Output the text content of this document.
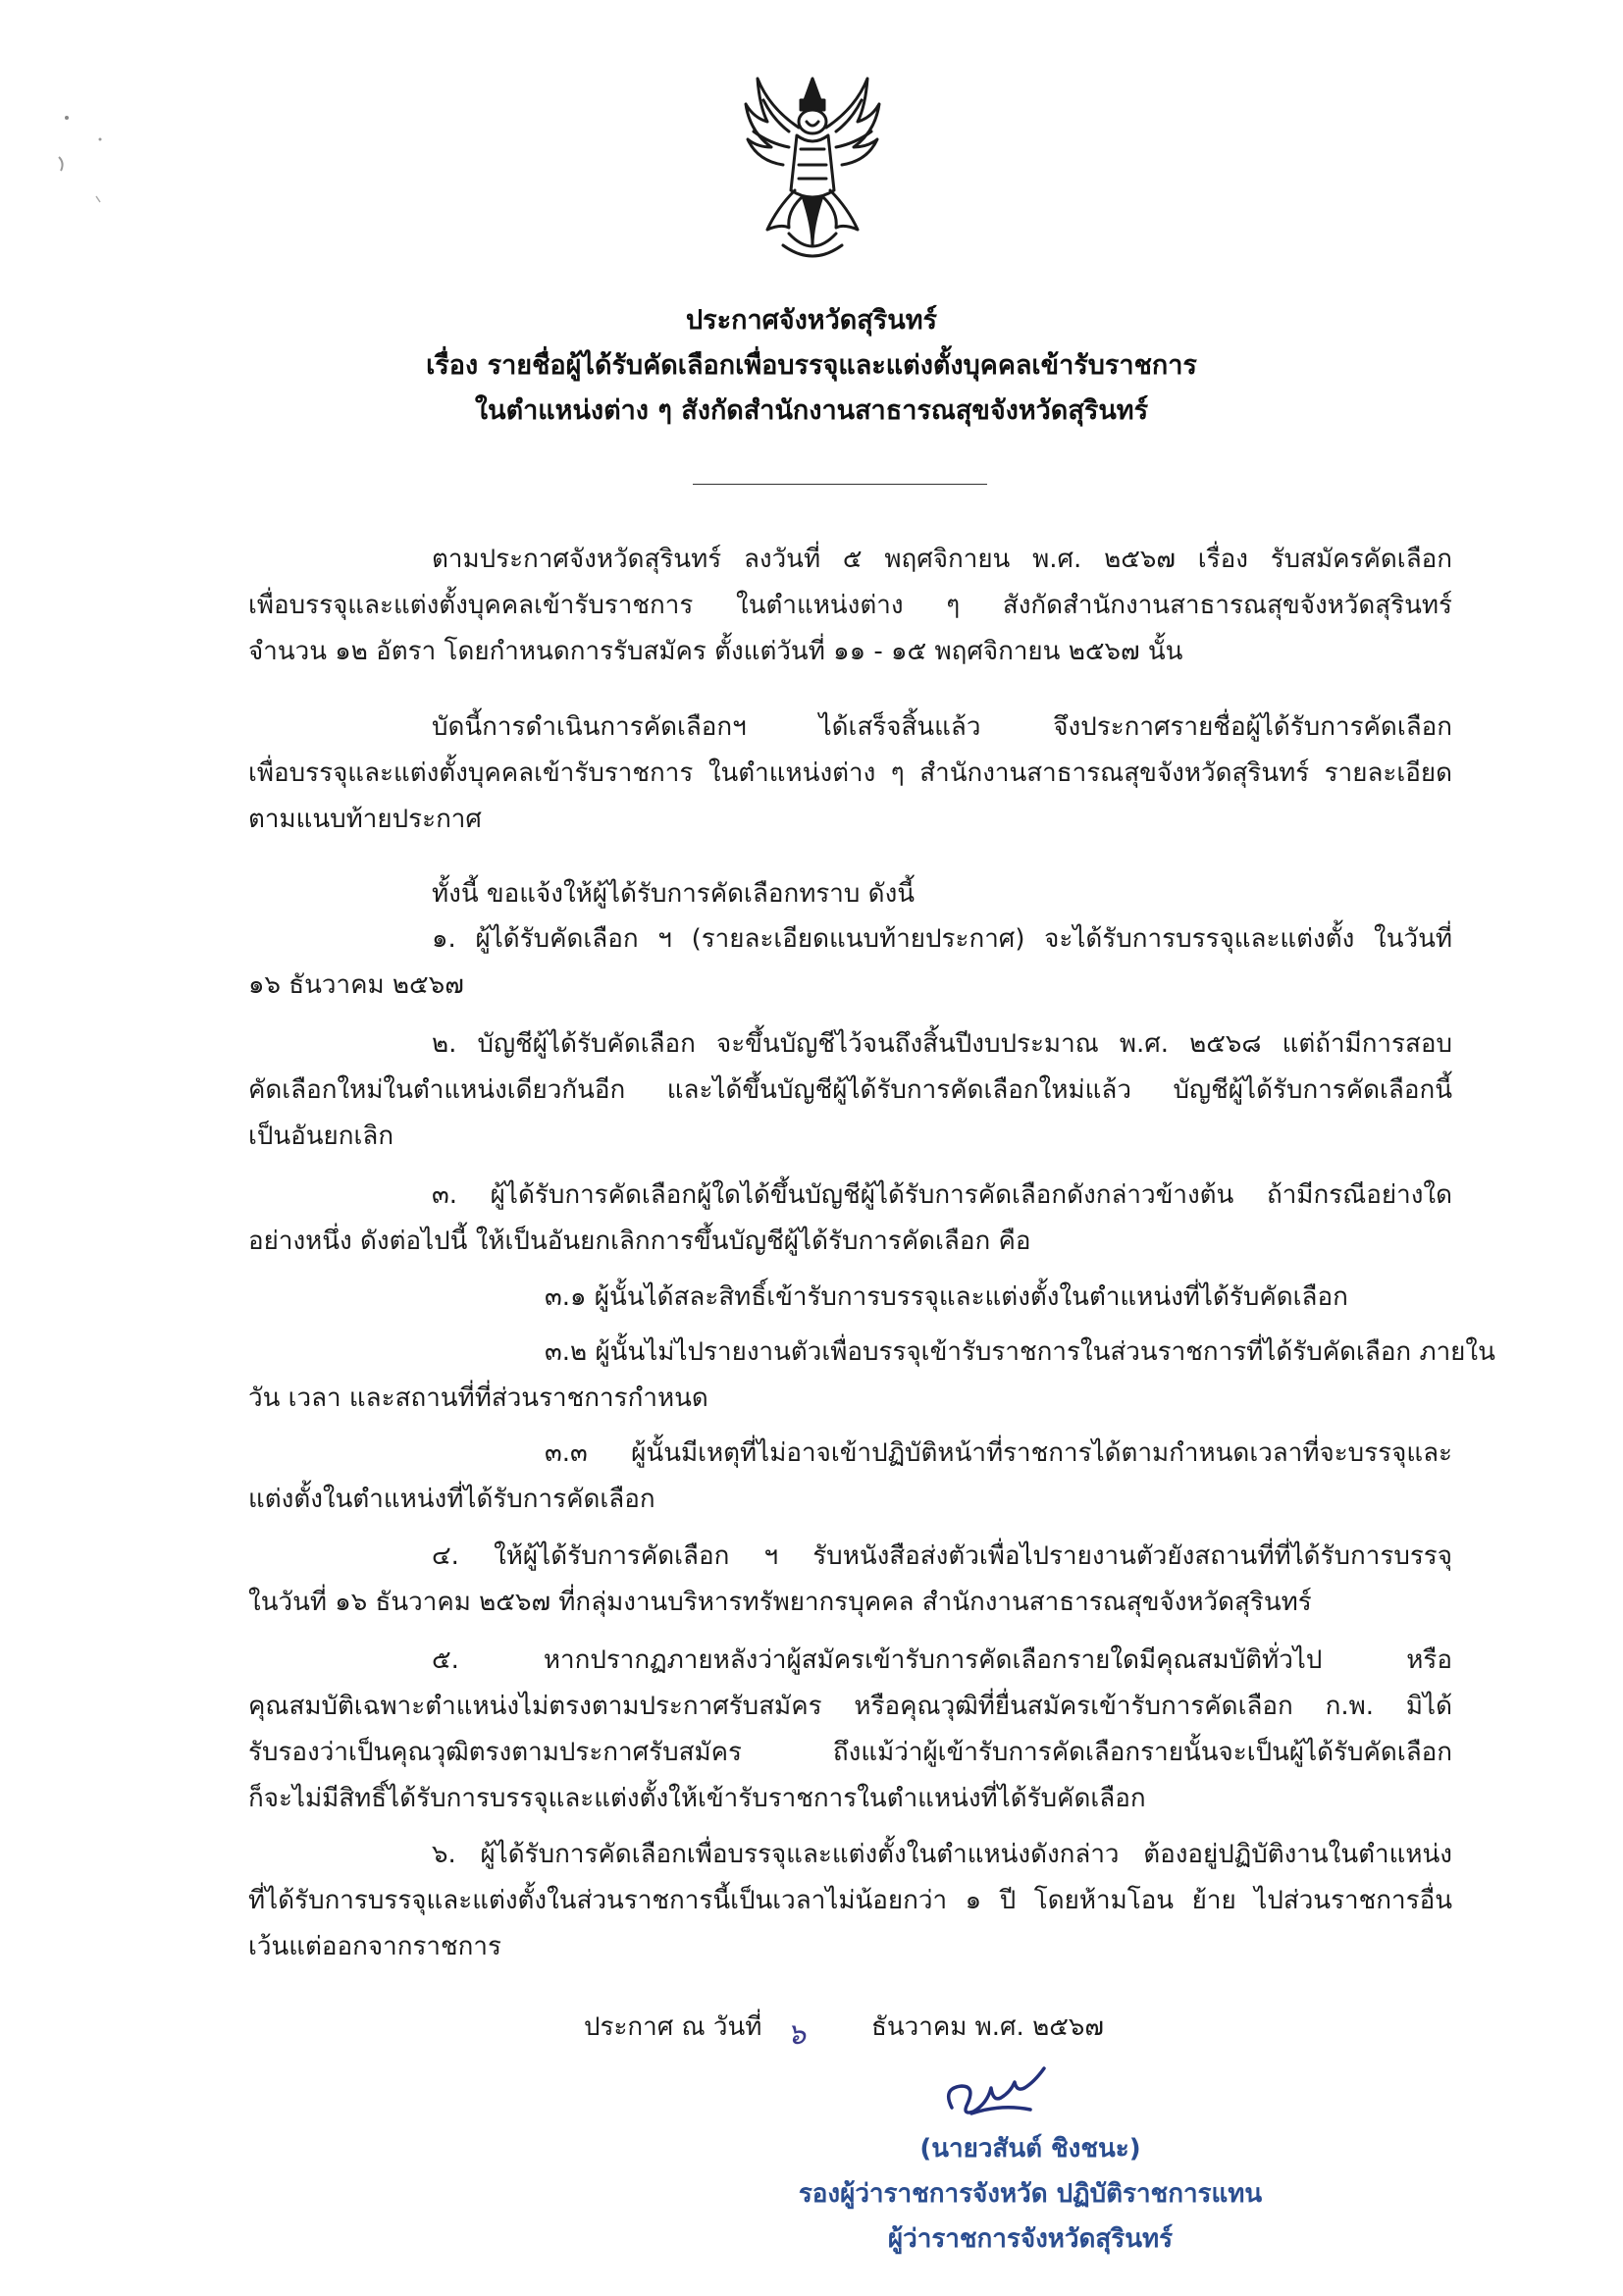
ประกาศจังหวัดสุรินทร์
เรื่อง รายชื่อผู้ได้รับคัดเลือกเพื่อบรรจุและแต่งตั้งบุคคลเข้ารับราชการ
ในตำแหน่งต่าง ๆ สังกัดสำนักงานสาธารณสุขจังหวัดสุรินทร์
ตามประกาศจังหวัดสุรินทร์ ลงวันที่ ๕ พฤศจิกายน พ.ศ. ๒๕๖๗ เรื่อง รับสมัครคัดเลือก
เพื่อบรรจุและแต่งตั้งบุคคลเข้ารับราชการ ในตำแหน่งต่าง ๆ สังกัดสำนักงานสาธารณสุขจังหวัดสุรินทร์
จำนวน ๑๒ อัตรา โดยกำหนดการรับสมัคร ตั้งแต่วันที่ ๑๑ - ๑๕ พฤศจิกายน ๒๕๖๗ นั้น
บัดนี้การดำเนินการคัดเลือกฯ ได้เสร็จสิ้นแล้ว จึงประกาศรายชื่อผู้ได้รับการคัดเลือก
เพื่อบรรจุและแต่งตั้งบุคคลเข้ารับราชการ ในตำแหน่งต่าง ๆ สำนักงานสาธารณสุขจังหวัดสุรินทร์ รายละเอียด
ตามแนบท้ายประกาศ
ทั้งนี้ ขอแจ้งให้ผู้ได้รับการคัดเลือกทราบ ดังนี้
๑. ผู้ได้รับคัดเลือก ฯ (รายละเอียดแนบท้ายประกาศ) จะได้รับการบรรจุและแต่งตั้ง ในวันที่
๑๖ ธันวาคม ๒๕๖๗
๒. บัญชีผู้ได้รับคัดเลือก จะขึ้นบัญชีไว้จนถึงสิ้นปีงบประมาณ พ.ศ. ๒๕๖๘ แต่ถ้ามีการสอบ
คัดเลือกใหม่ในตำแหน่งเดียวกันอีก และได้ขึ้นบัญชีผู้ได้รับการคัดเลือกใหม่แล้ว บัญชีผู้ได้รับการคัดเลือกนี้
เป็นอันยกเลิก
๓. ผู้ได้รับการคัดเลือกผู้ใดได้ขึ้นบัญชีผู้ได้รับการคัดเลือกดังกล่าวข้างต้น ถ้ามีกรณีอย่างใด
อย่างหนึ่ง ดังต่อไปนี้ ให้เป็นอันยกเลิกการขึ้นบัญชีผู้ได้รับการคัดเลือก คือ
๓.๑ ผู้นั้นได้สละสิทธิ์เข้ารับการบรรจุและแต่งตั้งในตำแหน่งที่ได้รับคัดเลือก
๓.๒ ผู้นั้นไม่ไปรายงานตัวเพื่อบรรจุเข้ารับราชการในส่วนราชการที่ได้รับคัดเลือก ภายใน
วัน เวลา และสถานที่ที่ส่วนราชการกำหนด
๓.๓ ผู้นั้นมีเหตุที่ไม่อาจเข้าปฏิบัติหน้าที่ราชการได้ตามกำหนดเวลาที่จะบรรจุและ
แต่งตั้งในตำแหน่งที่ได้รับการคัดเลือก
๔. ให้ผู้ได้รับการคัดเลือก ฯ รับหนังสือส่งตัวเพื่อไปรายงานตัวยังสถานที่ที่ได้รับการบรรจุ
ในวันที่ ๑๖ ธันวาคม ๒๕๖๗ ที่กลุ่มงานบริหารทรัพยากรบุคคล สำนักงานสาธารณสุขจังหวัดสุรินทร์
๕. หากปรากฏภายหลังว่าผู้สมัครเข้ารับการคัดเลือกรายใดมีคุณสมบัติทั่วไป หรือ
คุณสมบัติเฉพาะตำแหน่งไม่ตรงตามประกาศรับสมัคร หรือคุณวุฒิที่ยื่นสมัครเข้ารับการคัดเลือก ก.พ. มิได้
รับรองว่าเป็นคุณวุฒิตรงตามประกาศรับสมัคร ถึงแม้ว่าผู้เข้ารับการคัดเลือกรายนั้นจะเป็นผู้ได้รับคัดเลือก
ก็จะไม่มีสิทธิ์ได้รับการบรรจุและแต่งตั้งให้เข้ารับราชการในตำแหน่งที่ได้รับคัดเลือก
๖. ผู้ได้รับการคัดเลือกเพื่อบรรจุและแต่งตั้งในตำแหน่งดังกล่าว ต้องอยู่ปฏิบัติงานในตำแหน่ง
ที่ได้รับการบรรจุและแต่งตั้งในส่วนราชการนี้เป็นเวลาไม่น้อยกว่า ๑ ปี โดยห้ามโอน ย้าย ไปส่วนราชการอื่น
เว้นแต่ออกจากราชการ
ประกาศ ณ วันที่ ๖	ธันวาคม พ.ศ. ๒๕๖๗
(นายวสันต์ ชิงชนะ)
รองผู้ว่าราชการจังหวัด ปฏิบัติราชการแทน
ผู้ว่าราชการจังหวัดสุรินทร์
